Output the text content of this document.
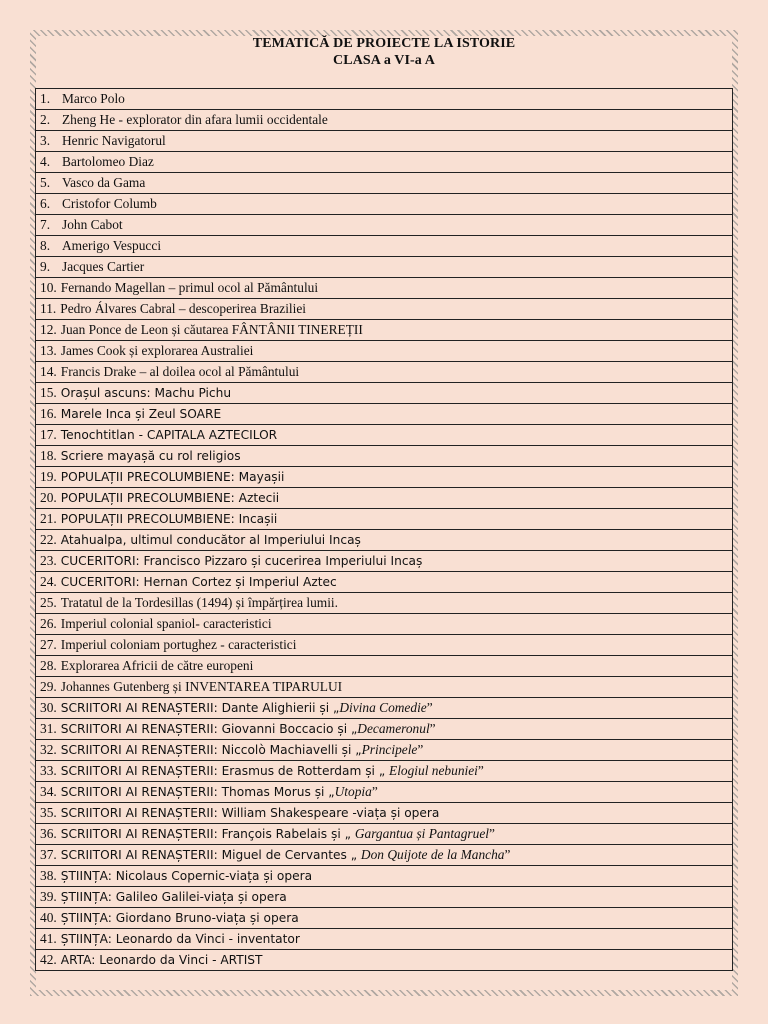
TEMATICĂ DE PROIECTE LA ISTORIE
CLASA a VI-a A
1. Marco Polo
2. Zheng He - explorator din afara lumii occidentale
3. Henric Navigatorul
4. Bartolomeo Diaz
5. Vasco da Gama
6. Cristofor Columb
7. John Cabot
8. Amerigo Vespucci
9. Jacques Cartier
10. Fernando Magellan – primul ocol al Pământului
11. Pedro Álvares Cabral – descoperirea Braziliei
12. Juan Ponce de Leon și căutarea FÂNTÂNII TINEREȚII
13. James Cook și explorarea Australiei
14. Francis Drake – al doilea ocol al Pământului
15. Orașul ascuns: Machu Pichu
16. Marele Inca și Zeul SOARE
17. Tenochtitlan - CAPITALA AZTECILOR
18. Scriere mayașă cu rol religios
19. POPULAȚII PRECOLUMBIENE: Mayașii
20. POPULAȚII PRECOLUMBIENE: Aztecii
21. POPULAȚII PRECOLUMBIENE: Incașii
22. Atahualpa, ultimul conducător al Imperiului Incaș
23. CUCERITORI: Francisco Pizzaro și cucerirea Imperiului Incaș
24. CUCERITORI: Hernan Cortez și Imperiul Aztec
25. Tratatul de la Tordesillas (1494) și împărțirea lumii.
26. Imperiul colonial spaniol- caracteristici
27. Imperiul coloniam portughez - caracteristici
28. Explorarea Africii de către europeni
29. Johannes Gutenberg și INVENTAREA TIPARULUI
30. SCRIITORI AI RENAȘTERII: Dante Alighierii și „Divina Comedie”
31. SCRIITORI AI RENAȘTERII: Giovanni Boccacio și „Decameronul”
32. SCRIITORI AI RENAȘTERII: Niccolò Machiavelli și „Principele”
33. SCRIITORI AI RENAȘTERII: Erasmus de Rotterdam și „ Elogiul nebuniei”
34. SCRIITORI AI RENAȘTERII: Thomas Morus și „Utopia”
35. SCRIITORI AI RENAȘTERII: William Shakespeare -viața și opera
36. SCRIITORI AI RENAȘTERII: François Rabelais și „ Gargantua și Pantagruel”
37. SCRIITORI AI RENAȘTERII: Miguel de Cervantes „ Don Quijote de la Mancha”
38. ȘTIINȚA: Nicolaus Copernic-viața și opera
39. ȘTIINȚA: Galileo Galilei-viața și opera
40. ȘTIINȚA: Giordano Bruno-viața și opera
41. ȘTIINȚA: Leonardo da Vinci - inventator
42. ARTA: Leonardo da Vinci - ARTIST
